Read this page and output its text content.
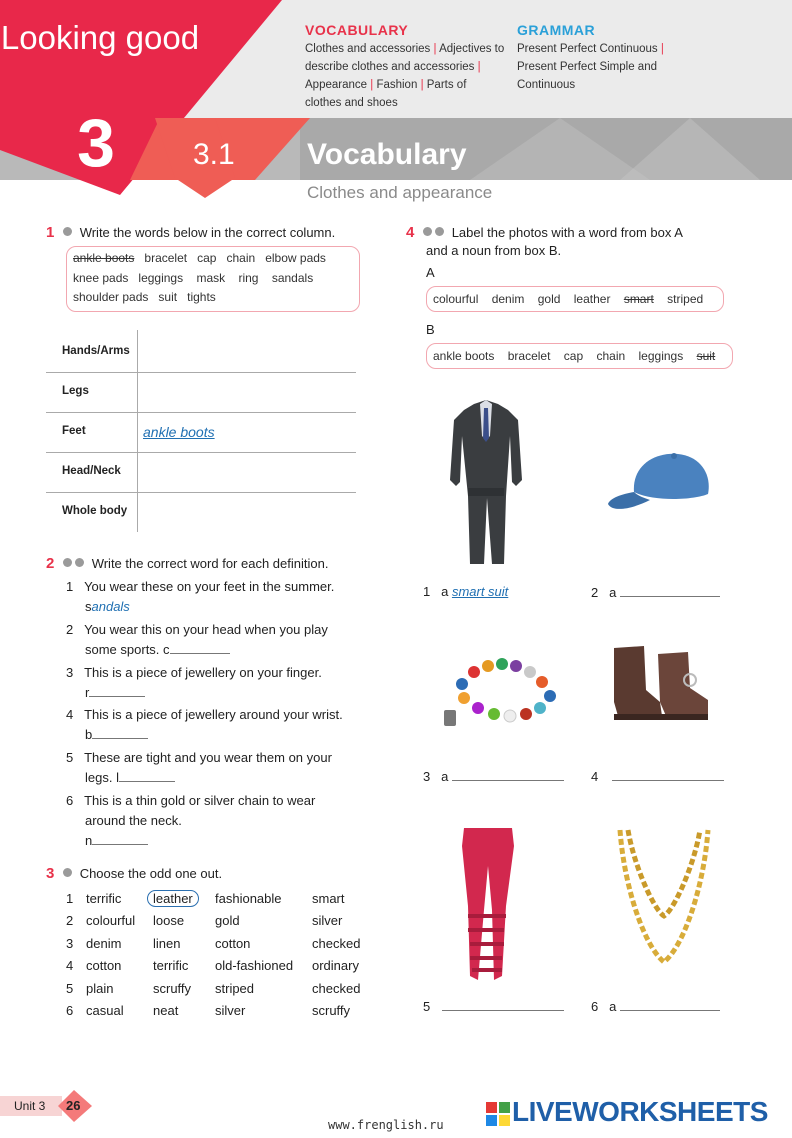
Looking good
3	3.1 Vocabulary
Clothes and appearance
VOCABULARY
Clothes and accessories | Adjectives to describe clothes and accessories | Appearance | Fashion | Parts of clothes and shoes
GRAMMAR
Present Perfect Continuous | Present Perfect Simple and Continuous
1 Write the words below in the correct column.
ankle boots bracelet cap chain elbow pads
knee pads leggings mask ring sandals
shoulder pads suit tights
Hands/Arms
Legs
Feet	ankle boots
Head/Neck
Whole body
2	Write the correct word for each definition.
1 You wear these on your feet in the summer.
sandals
2 You wear this on your head when you play
some sports. c
3 This is a piece of jewellery on your finger.
r
4 This is a piece of jewellery around your wrist.
b
5 These are tight and you wear them on your
legs. l
6 This is a thin gold or silver chain to wear
around the neck.
n
3 Choose the odd one out.
1 terrific leather fashionable smart
2 colourful loose gold	silver
3 denim linen	cotton	checked
4 cotton terrific old-fashioned ordinary
5 plain	scruffy striped	checked
6 casual neat	silver	scruffy
4	Label the photos with a word from box A
and a noun from box B.
A
colourful denim gold leather smart striped
B
ankle boots bracelet cap chain leggings suit
1 a smart suit	2 a
3 a	4
5	6 a
Unit 3 26
www.frenglish.ru LIVEWORKSHEETS
